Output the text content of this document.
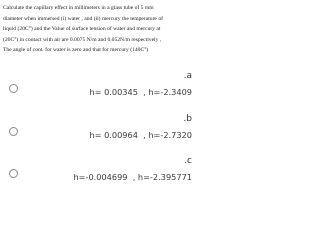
Calculate the capillary effect in millimeters in a glass tube of 5 mm
diameter when immersed (i) water , and (ii) mercury the temperature of
liquid (20C°) and the Value of surface tension of water and mercury at
(20C°) in contact with air are 0.0075 N/m and 0.052N/m respectively ,
The angle of cont. for water is zero and that for mercury (140C°)
.a
h= 0.00345  , h=-2.3409
.b
h= 0.00964  , h=-2.7320
.c
h=-0.004699  , h=-2.395771
